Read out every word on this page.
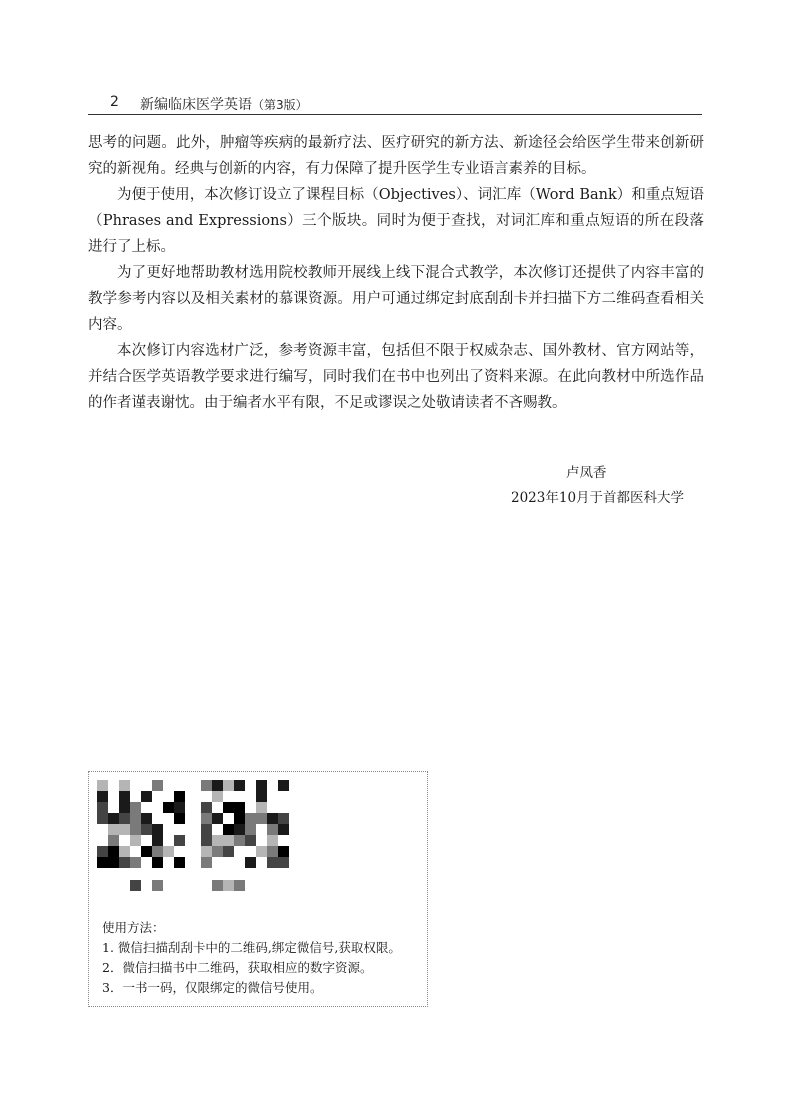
2 新编临床医学英语（第3版）

思考的问题。此外，肿瘤等疾病的最新疗法、医疗研究的新方法、新途径会给医学生带来创新研究的新视角。经典与创新的内容，有力保障了提升医学生专业语言素养的目标。

为便于使用，本次修订设立了课程目标（Objectives）、词汇库（Word Bank）和重点短语（Phrases and Expressions）三个版块。同时为便于查找，对词汇库和重点短语的所在段落进行了上标。

为了更好地帮助教材选用院校教师开展线上线下混合式教学，本次修订还提供了内容丰富的教学参考内容以及相关素材的慕课资源。用户可通过绑定封底刮刮卡并扫描下方二维码查看相关内容。

本次修订内容选材广泛，参考资源丰富，包括但不限于权威杂志、国外教材、官方网站等，并结合医学英语教学要求进行编写，同时我们在书中也列出了资料来源。在此向教材中所选作品的作者谨表谢忱。由于编者水平有限，不足或谬误之处敬请读者不吝赐教。

卢凤香
2023年10月于首都医科大学
使用方法：
1. 微信扫描刮刮卡中的二维码,绑定微信号,获取权限。
2．微信扫描书中二维码，获取相应的数字资源。
3．一书一码，仅限绑定的微信号使用。
